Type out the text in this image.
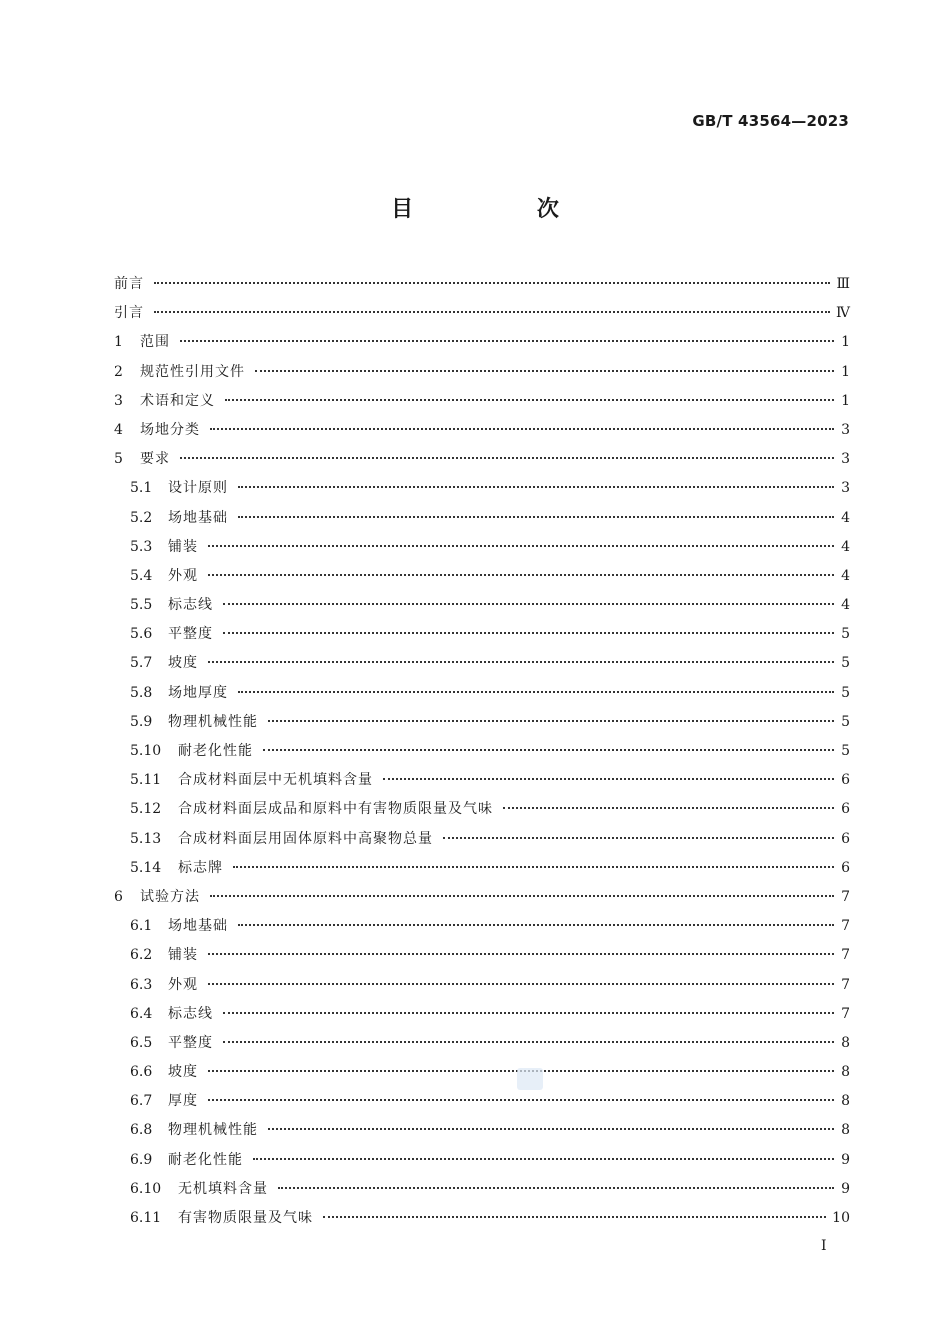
GB/T 43564—2023
目 次
前言	Ⅲ
引言	Ⅳ
1	范围	1
2	规范性引用文件	1
3	术语和定义	1
4	场地分类	3
5	要求	3
5.1	设计原则	3
5.2	场地基础	4
5.3	铺装	4
5.4	外观	4
5.5	标志线	4
5.6	平整度	5
5.7	坡度	5
5.8	场地厚度	5
5.9	物理机械性能	5
5.10	耐老化性能	5
5.11	合成材料面层中无机填料含量	6
5.12	合成材料面层成品和原料中有害物质限量及气味	6
5.13	合成材料面层用固体原料中高聚物总量	6
5.14	标志牌	6
6	试验方法	7
6.1	场地基础	7
6.2	铺装	7
6.3	外观	7
6.4	标志线	7
6.5	平整度	8
6.6	坡度	8
6.7	厚度	8
6.8	物理机械性能	8
6.9	耐老化性能	9
6.10	无机填料含量	9
6.11	有害物质限量及气味	10
I
